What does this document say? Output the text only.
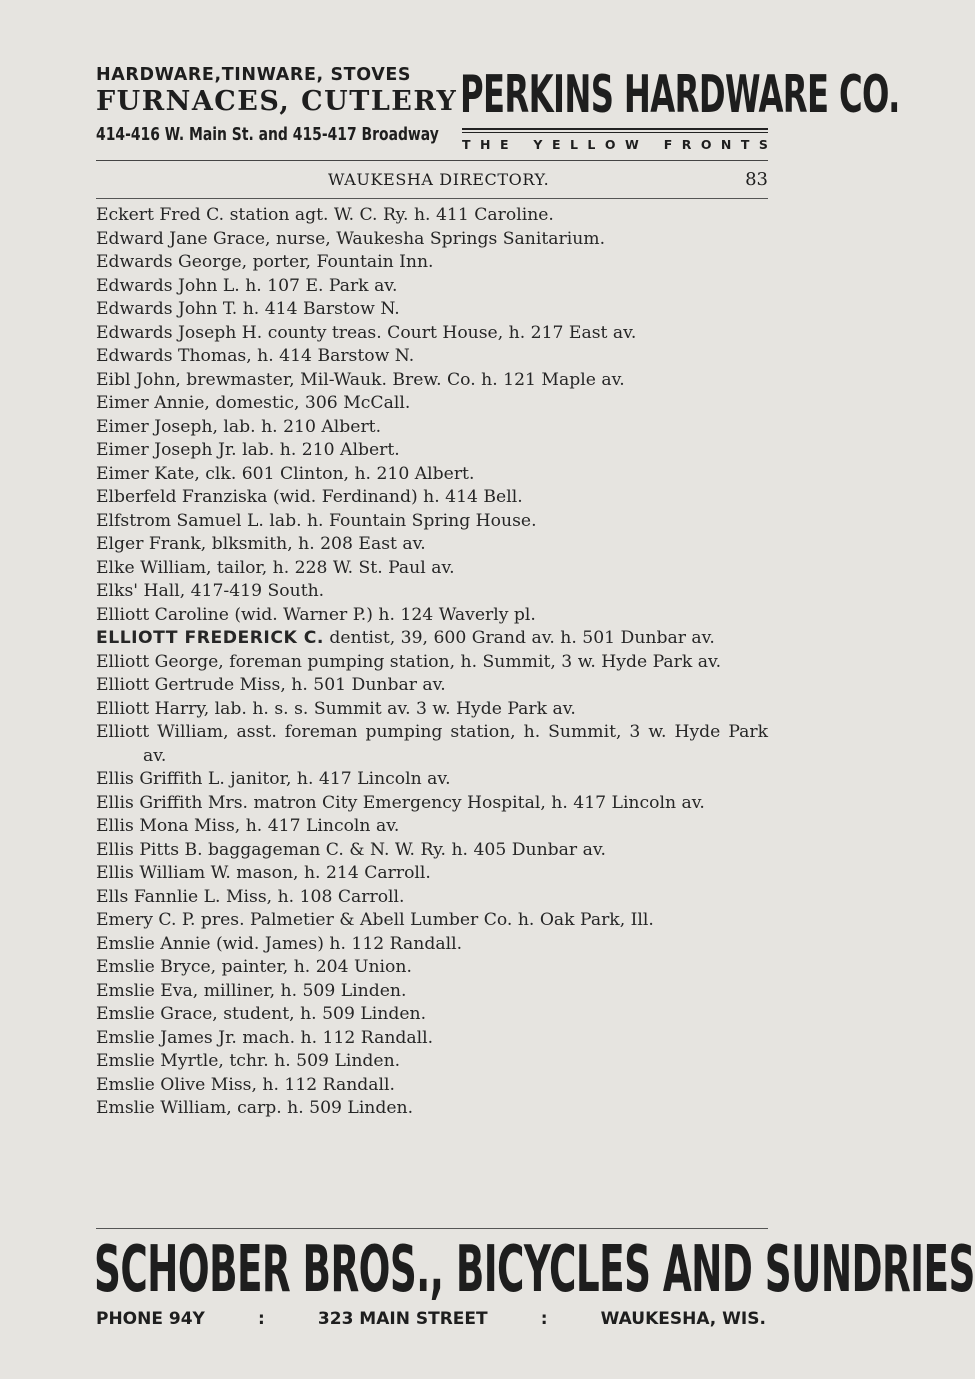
HARDWARE,TINWARE, STOVES
FURNACES, CUTLERY
414-416 W. Main St. and 415-417 Broadway
PERKINS HARDWARE CO.
T H E Y E L L O W F R O N T S
WAUKESHA DIRECTORY.	83
Eckert Fred C. station agt. W. C. Ry. h. 411 Caroline.
Edward Jane Grace, nurse, Waukesha Springs Sanitarium.
Edwards George, porter, Fountain Inn.
Edwards John L. h. 107 E. Park av.
Edwards John T. h. 414 Barstow N.
Edwards Joseph H. county treas. Court House, h. 217 East av.
Edwards Thomas, h. 414 Barstow N.
Eibl John, brewmaster, Mil-Wauk. Brew. Co. h. 121 Maple av.
Eimer Annie, domestic, 306 McCall.
Eimer Joseph, lab. h. 210 Albert.
Eimer Joseph Jr. lab. h. 210 Albert.
Eimer Kate, clk. 601 Clinton, h. 210 Albert.
Elberfeld Franziska (wid. Ferdinand) h. 414 Bell.
Elfstrom Samuel L. lab. h. Fountain Spring House.
Elger Frank, blksmith, h. 208 East av.
Elke William, tailor, h. 228 W. St. Paul av.
Elks' Hall, 417-419 South.
Elliott Caroline (wid. Warner P.) h. 124 Waverly pl.
ELLIOTT FREDERICK C. dentist, 39, 600 Grand av. h. 501 Dunbar av.
Elliott George, foreman pumping station, h. Summit, 3 w. Hyde Park av.
Elliott Gertrude Miss, h. 501 Dunbar av.
Elliott Harry, lab. h. s. s. Summit av. 3 w. Hyde Park av.
Elliott William, asst. foreman pumping station, h. Summit, 3 w. Hyde Park av.
Ellis Griffith L. janitor, h. 417 Lincoln av.
Ellis Griffith Mrs. matron City Emergency Hospital, h. 417 Lincoln av.
Ellis Mona Miss, h. 417 Lincoln av.
Ellis Pitts B. baggageman C. & N. W. Ry. h. 405 Dunbar av.
Ellis William W. mason, h. 214 Carroll.
Ells Fannlie L. Miss, h. 108 Carroll.
Emery C. P. pres. Palmetier & Abell Lumber Co. h. Oak Park, Ill.
Emslie Annie (wid. James) h. 112 Randall.
Emslie Bryce, painter, h. 204 Union.
Emslie Eva, milliner, h. 509 Linden.
Emslie Grace, student, h. 509 Linden.
Emslie James Jr. mach. h. 112 Randall.
Emslie Myrtle, tchr. h. 509 Linden.
Emslie Olive Miss, h. 112 Randall.
Emslie William, carp. h. 509 Linden.
SCHOBER BROS., BICYCLES AND SUNDRIES
PHONE 94Y	:	323 MAIN STREET	:	WAUKESHA, WIS.
